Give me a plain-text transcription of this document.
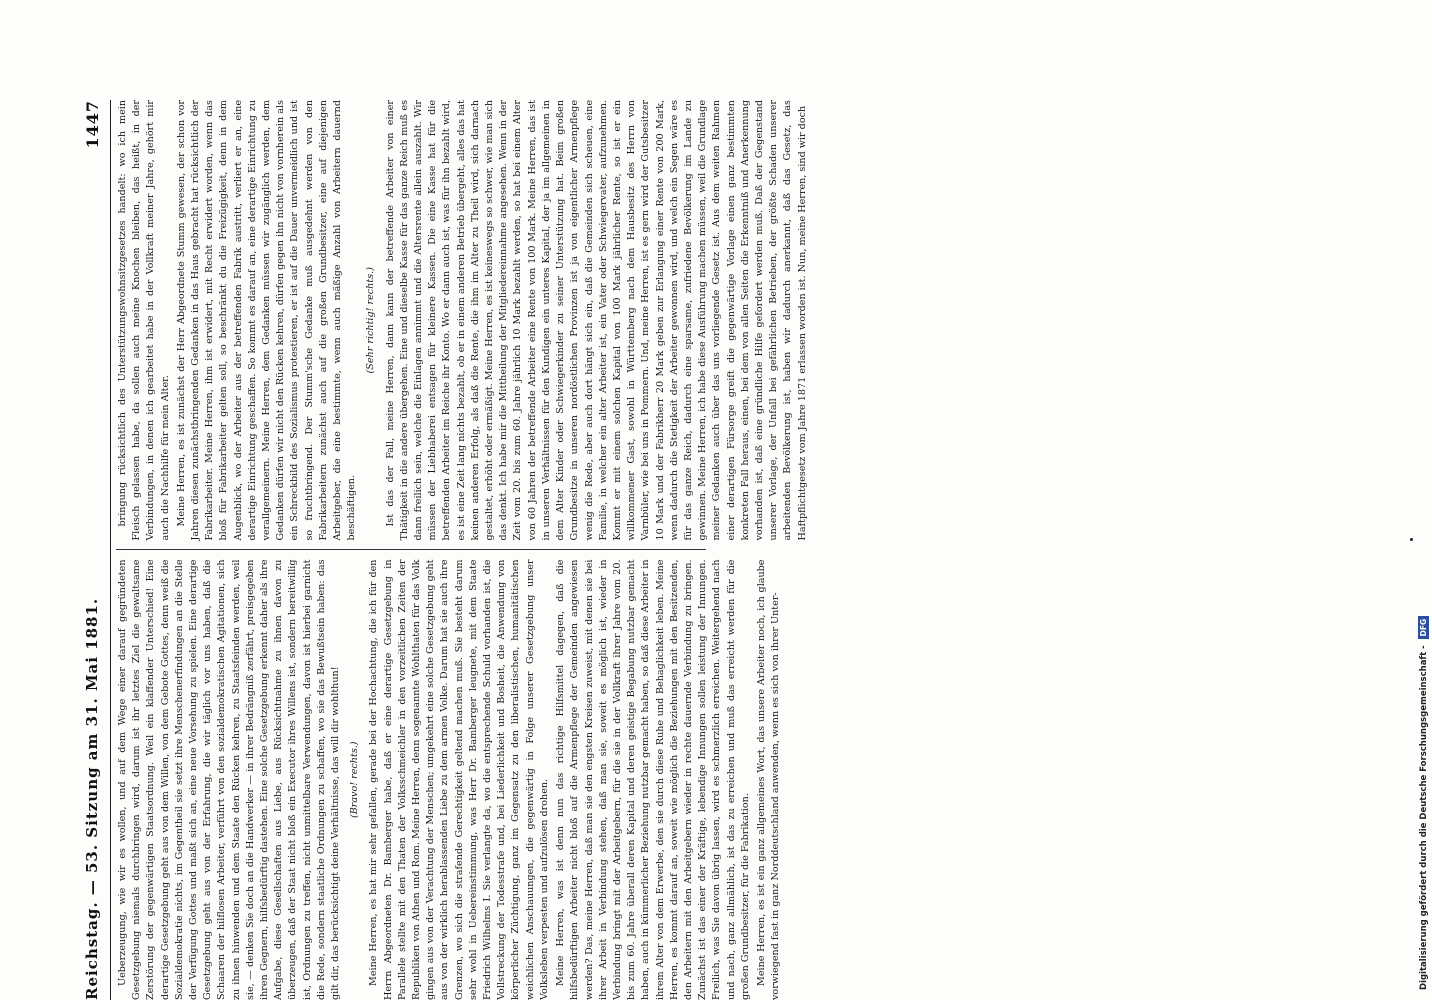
Reichstag. — 53. Sitzung am 31. Mai 1881.
1447

Ueberzeugung, wie wir es wollen, und auf dem Wege einer darauf gegründeten Gesetzgebung niemals durchbringen wird, darum ist ihr letztes Ziel die gewaltsame Zerstörung der gegenwärtigen Staatsordnung. Weil ein klaffender Unterschied! Eine derartige Gesetzgebung geht aus von dem Willen, von dem Gebote Gottes, denn weiß die Sozialdemokratie nichts, im Gegentheil sie setzt ihre Menschenerfindungen an die Stelle der Verfügung Gottes und maßt sich an, eine neue Vorsehung zu spielen. Eine derartige Gesetzgebung geht aus von der Erfahrung, die wir täglich vor uns haben, daß die Schaaren der hilflosen Arbeiter, verführt von den sozialdemokratischen Agitationen, sich zu ihnen hinwenden und dem Staate den Rücken kehren, zu Staatsfeinden werden, weil sie, — denken Sie doch an die Handwerker — in ihrer Bedrängniß zerfährt, preisgegeben ihren Gegnern, hilfsbedürftig dastehen. Eine solche Gesetzgebung erkennt daher als ihre Aufgabe, diese Gesellschaften aus Liebe, aus Rücksichtnahme zu ihnen davon zu überzeugen, daß der Staat nicht bloß ein Executor ihres Willens ist, sondern bereitwillig ist, Ordnungen zu treffen, nicht unmittelbare Verwendungen, davon ist hierbei garnicht die Rede, sondern staatliche Ordnungen zu schaffen, wo sie das Bewußtsein haben: das gilt dir, das berücksichtigt deine Verhältnisse, das will dir wohlthun! (Bravo! rechts.) Meine Herren, es hat mir sehr gefallen, gerade bei der Hochachtung, die ich für den Herrn Abgeordneten Dr. Bamberger habe, daß er eine derartige Gesetzgebung in Parallele stellte mit den Thaten der Volksschmeichler in den vorzeitlichen Zeiten der Republiken von Athen und Rom. Meine Herren, denn sogenannte Wohlthaten für das Volk gingen aus von der Verachtung der Menschen; umgekehrt eine solche Gesetzgebung geht aus von der wirklich herablassenden Liebe zu dem armen Volke. Darum hat sie auch ihre Grenzen, wo sich die strafende Gerechtigkeit geltend machen muß. Sie besteht darum sehr wohl in Uebereinstimmung, was Herr Dr. Bamberger leugnete, mit dem Staate Friedrich Wilhelms I. Sie verlangte da, wo die entsprechende Schuld vorhanden ist, die Vollstreckung der Todesstrafe und, bei Liederlichkeit und Bosheit, die Anwendung von körperlicher Züchtigung, ganz im Gegensatz zu den liberalistischen, humanitätischen weichlichen Anschauungen, die gegenwärtig in Folge unserer Gesetzgebung unser Volksleben verpesten und aufzulösen drohen. Meine Herren, was ist denn nun das richtige Hilfsmittel dagegen, daß die hilfsbedürftigen Arbeiter nicht bloß auf die Armenpflege der Gemeinden angewiesen werden? Das, meine Herren, daß man sie den engsten Kreisen zuweist, mit denen sie bei ihrer Arbeit in Verbindung stehen, daß man sie, soweit es möglich ist, wieder in Verbindung bringt mit der Arbeitgebern, für die sie in der Vollkraft ihrer Jahre vom 20. bis zum 60. Jahre überall deren Kapital und deren geistige Begabung nutzbar gemacht haben, auch in kümmerlicher Beziehung nutzbar gemacht haben, so daß diese Arbeiter in ihrem Alter von dem Erwerbe, den sie durch diese Ruhe und Behaglichkeit leben. Meine Herren, es kommt darauf an, soweit wie möglich die Beziehungen mit den Besitzenden, den Arbeitern mit den Arbeitgebern wieder in rechte dauernde Verbindung zu bringen. Zunächst ist das einer der Kräftige, lebendige Innungen sollen leistung der Innungen. Freilich, was Sie davon übrig lassen, wird es schmerzlich erreichen. Weitergehend nach und nach, ganz allmählich, ist das zu erreichen und muß das erreicht werden für die großen Grundbesitzer, für die Fabrikation. Meine Herren, es ist ein ganz allgemeines Wort, das unsere Arbeiter noch, ich glaube vorwiegend fast in ganz Norddeutschland anwenden, wenn es sich von ihrer Unter-

bringung rücksichtlich des Unterstützungswohnsitzgesetzes handelt: wo ich mein Fleisch gelassen habe, da sollen auch meine Knochen bleiben, das heißt, in der Verbindungen, in denen ich gearbeitet habe in der Vollkraft meiner Jahre, gehört mir auch die Nachhilfe für mein Alter. Meine Herren, es ist zunächst der Herr Abgeordnete Stumm gewesen, der schon vor Jahren diesen zunächstbringenden Gedanken in das Haus gebracht hat rücksichtlich der Fabrikarbeiter. Meine Herren, ihm ist erwidert, mit Recht erwidert worden, wenn das bloß für Fabrikarbeiter gelten soll, so beschränkt du die Freizügigkeit, denn in dem Augenblick, wo der Arbeiter aus der betreffenden Fabrik austritt, verliert er an, eine derartige Einrichtung geschaffen. So kommt es darauf an, eine derartige Einrichtung zu verallgemeinern. Meine Herren, dem Gedanken müssen wir zugänglich werden, dem Gedanken dürfen wir nicht den Rücken kehren, dürfen gegen ihn nicht von vornherein als ein Schreckbild des Sozialismus protestieren, er ist auf die Dauer unvermeidlich und ist so fruchtbringend. Der Stumm'sche Gedanke muß ausgedehnt werden von den Fabrikarbeitern zunächst auch auf die großen Grundbesitzer, eine auf diejenigen Arbeitgeber, die eine bestimmte, wenn auch mäßige Anzahl von Arbeitern dauernd beschäftigen.

(Sehr richtig! rechts.) Ist das der Fall, meine Herren, dann kann der betreffende Arbeiter von einer Thätigkeit in die andere übergehen. Eine und dieselbe Kasse für das ganze Reich muß es dann freilich sein, welche die Einlagen annimmt und die Altersrente allein auszahlt. Wir müssen der Liebhaberei entsagen für kleinere Kassen. Die eine Kasse hat für die betreffenden Arbeiter im Reiche ihr Konto. Wo er dann auch ist, was für ihn bezahlt wird, es ist eine Zeit lang nichts bezahlt, ob er in einem anderen Betrieb übergeht, alles das hat keinen anderen Erfolg, als daß die Rente, die ihm im Alter zu Theil wird, sich darnach gestaltet, erhöht oder ermäßigt. Meine Herren, es ist keineswegs so schwer, wie man sich das denkt. Ich habe mir die Mittheilung der Mitgliedereinnahme angesehen. Wenn in der Zeit vom 20. bis zum 60. Jahre jährlich 10 Mark bezahlt werden, so hat bei einem Alter von 60 Jahren der betreffende Arbeiter eine Rente von 100 Mark. Meine Herren, das ist in unseren Verhältnissen für den Kundigen ein unteres Kapital, der ja im allgemeinen in dem Alter Kinder oder Schwiegerkinder zu seiner Unterstützung hat. Beim großen Grundbesitze in unseren nordöstlichen Provinzen ist ja von eigentlicher Armenpflege wenig die Rede, aber auch dort hängt sich ein, daß die Gemeinden sich scheuen, eine Familie, in welcher ein alter Arbeiter ist, ein Vater oder Schwiegervater, aufzunehmen. Kommt er mit einem solchen Kapital von 100 Mark jährlicher Rente, so ist er ein willkommener Gast, sowohl in Württemberg nach dem Hausbesitz des Herrn von Varnbüler, wie bei uns in Pommern. Und, meine Herren, ist es gern wird der Gutsbesitzer 10 Mark und der Fabrikherr 20 Mark geben zur Erlangung einer Rente von 200 Mark, wenn dadurch die Stetigkeit der Arbeiter gewonnen wird, und welch ein Segen wäre es für das ganze Reich, dadurch eine sparsame, zufriedene Bevölkerung im Lande zu gewinnen. Meine Herren, ich habe diese Ausführung machen müssen, weil die Grundlage meiner Gedanken auch über das uns vorliegende Gesetz ist. Aus dem weiten Rahmen einer derartigen Fürsorge greift die gegenwärtige Vorlage einen ganz bestimmten konkreten Fall heraus, einen, bei dem von allen Seiten die Erkenntniß und Anerkennung vorhanden ist, daß eine gründliche Hilfe gefordert werden muß. Daß der Gegenstand unserer Vorlage, der Unfall bei gefährlichen Betrieben, der größte Schaden unserer arbeitenden Bevölkerung ist, haben wir dadurch anerkannt, daß das Gesetz, das Haftpflichtgesetz vom Jahre 1871 erlassen worden ist. Nun, meine Herren, sind wir doch

Digitalisierung gefördert durch die Deutsche Forschungsgemeinschaft -
DFG
